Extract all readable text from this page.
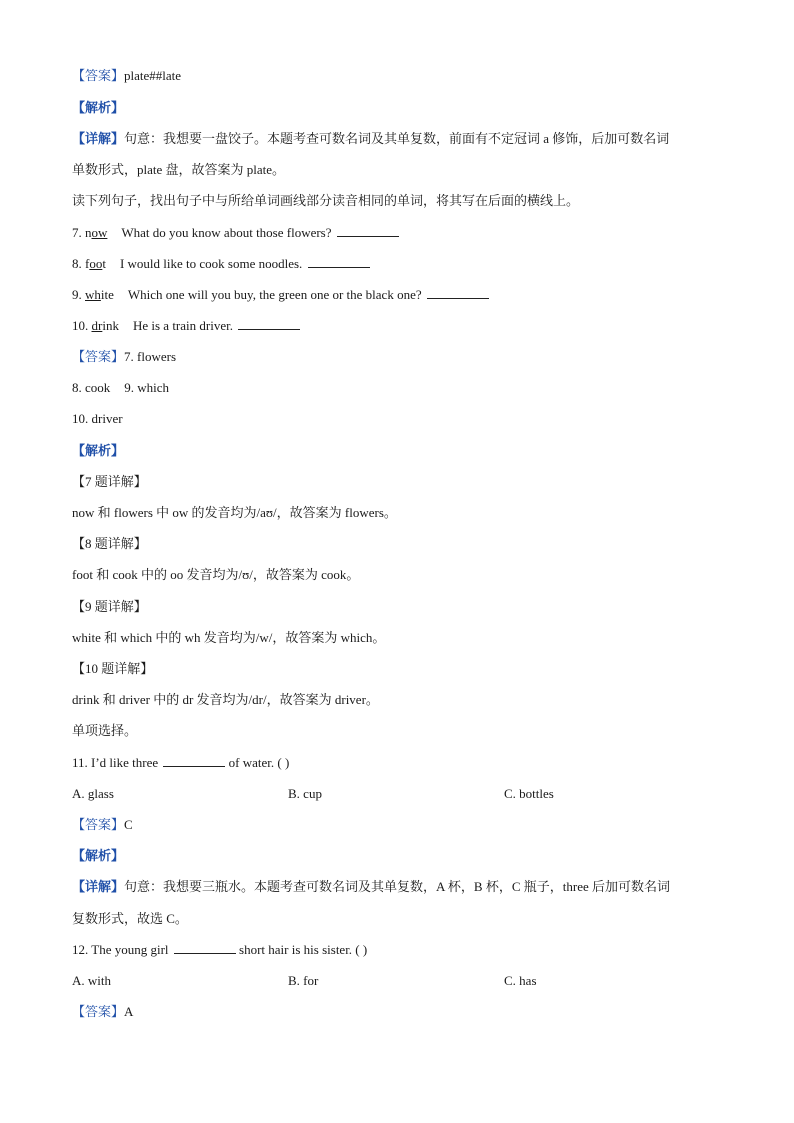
【答案】plate##late
【解析】
【详解】句意：我想要一盘饺子。本题考查可数名词及其单复数，前面有不定冠词 a 修饰，后加可数名词
单数形式，plate 盘，故答案为 plate。
读下列句子，找出句子中与所给单词画线部分读音相同的单词，将其写在后面的横线上。
7. now What do you know about those flowers?
8. foot I would like to cook some noodles.
9. white Which one will you buy, the green one or the black one?
10. drink He is a train driver.
【答案】7. flowers
8. cook 9. which
10. driver
【解析】
【7 题详解】
now 和 flowers 中 ow 的发音均为/aʊ/，故答案为 flowers。
【8 题详解】
foot 和 cook 中的 oo 发音均为/ʊ/，故答案为 cook。
【9 题详解】
white 和 which 中的 wh 发音均为/w/，故答案为 which。
【10 题详解】
drink 和 driver 中的 dr 发音均为/dr/，故答案为 driver。
单项选择。
11. I’d like three	of water. ( )
A. glass	B. cup	C. bottles
【答案】C
【解析】
【详解】句意：我想要三瓶水。本题考查可数名词及其单复数，A 杯，B 杯，C 瓶子，three 后加可数名词
复数形式，故选 C。
12. The young girl	short hair is his sister. ( )
A. with	B. for	C. has
【答案】A
